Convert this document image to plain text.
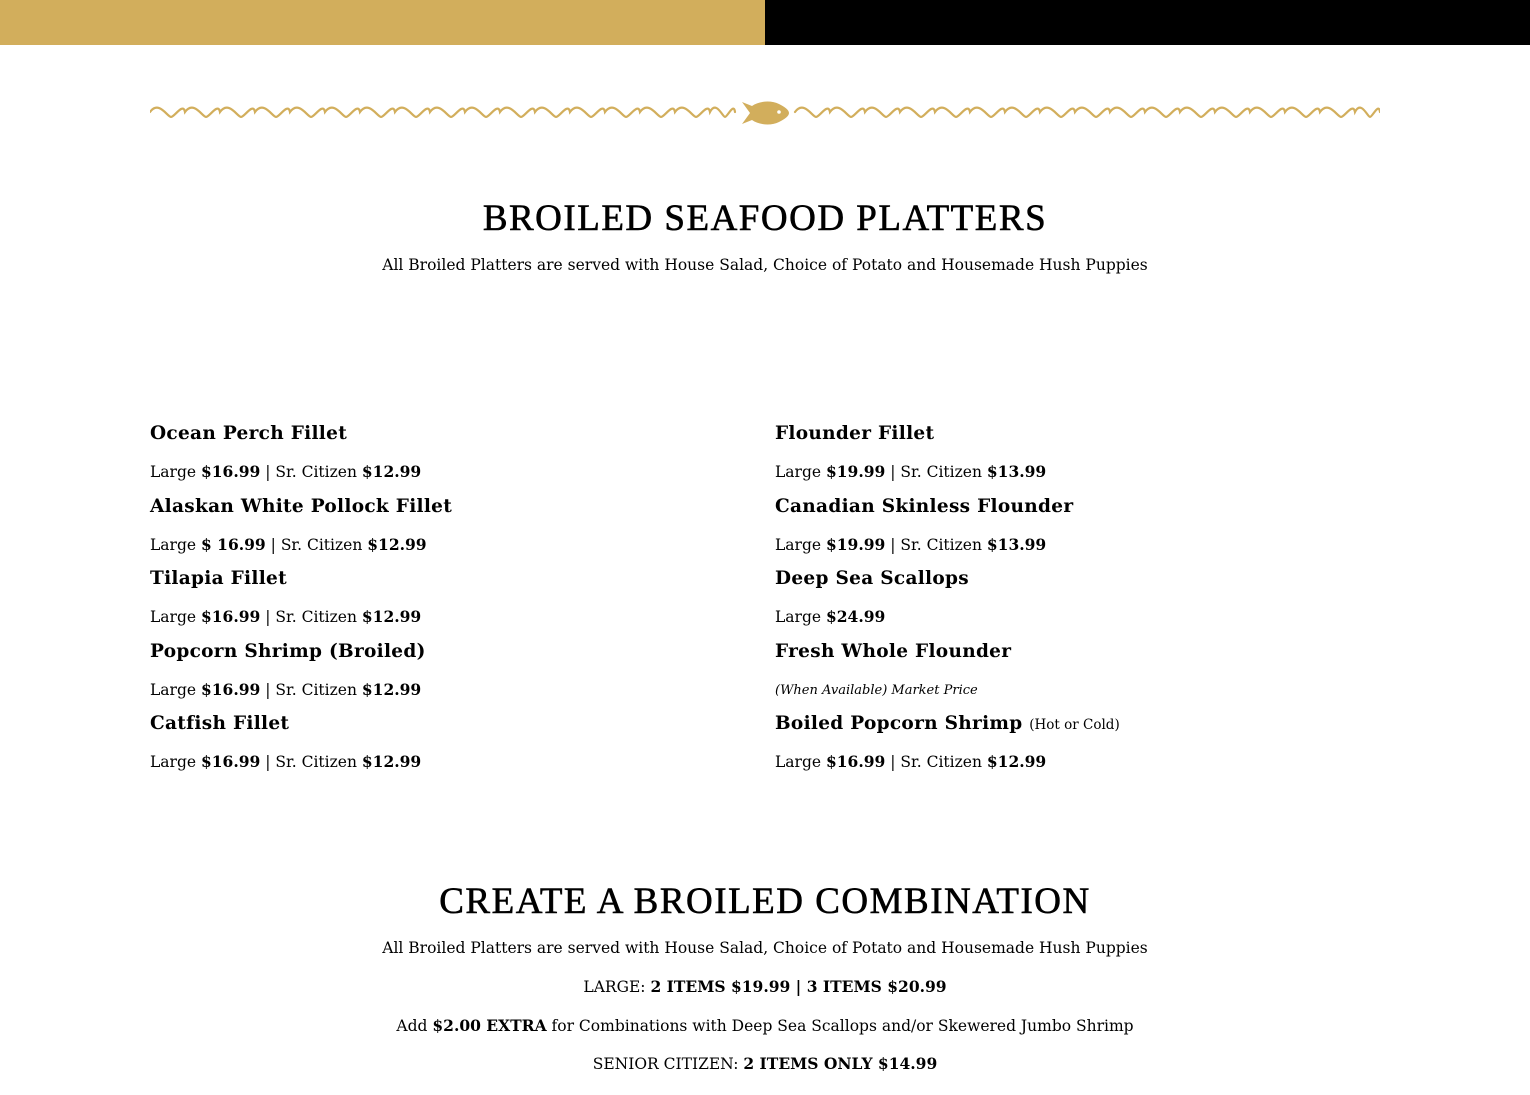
BROILED SEAFOOD PLATTERS

All Broiled Platters are served with House Salad, Choice of Potato and Housemade Hush Puppies

Ocean Perch Fillet
Large $16.99 | Sr. Citizen $12.99
Alaskan White Pollock Fillet
Large $ 16.99 | Sr. Citizen $12.99
Tilapia Fillet
Large $16.99 | Sr. Citizen $12.99
Popcorn Shrimp (Broiled)
Large $16.99 | Sr. Citizen $12.99
Catfish Fillet
Large $16.99 | Sr. Citizen $12.99
Flounder Fillet
Large $19.99 | Sr. Citizen $13.99
Canadian Skinless Flounder
Large $19.99 | Sr. Citizen $13.99
Deep Sea Scallops
Large $24.99
Fresh Whole Flounder
(When Available) Market Price
Boiled Popcorn Shrimp (Hot or Cold)
Large $16.99 | Sr. Citizen $12.99
CREATE A BROILED COMBINATION

All Broiled Platters are served with House Salad, Choice of Potato and Housemade Hush Puppies

LARGE: 2 ITEMS $19.99 | 3 ITEMS $20.99

Add $2.00 EXTRA for Combinations with Deep Sea Scallops and/or Skewered Jumbo Shrimp

SENIOR CITIZEN: 2 ITEMS ONLY $14.99
